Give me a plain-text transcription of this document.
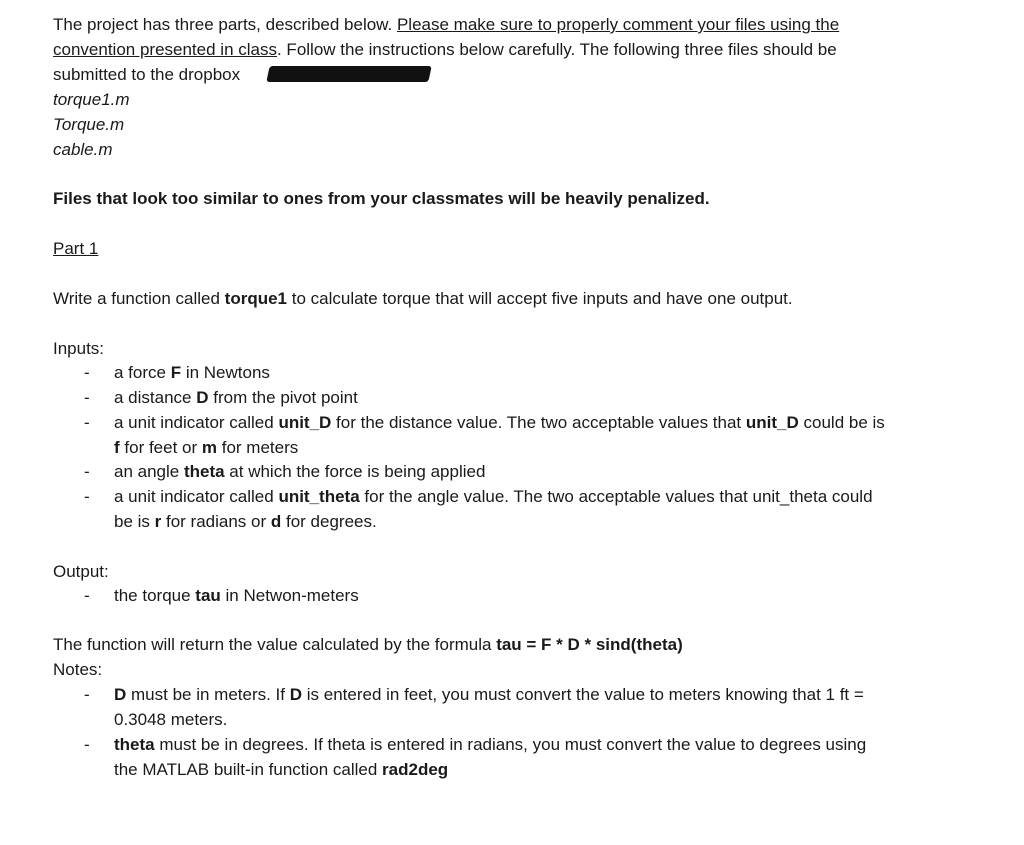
The project has three parts, described below. Please make sure to properly comment your files using the
convention presented in class. Follow the instructions below carefully. The following three files should be
submitted to the dropbox
torque1.m
Torque.m
cable.m
Files that look too similar to ones from your classmates will be heavily penalized.
Part 1
Write a function called torque1 to calculate torque that will accept five inputs and have one output.
Inputs:
- a force F in Newtons
- a distance D from the pivot point
- a unit indicator called unit_D for the distance value. The two acceptable values that unit_D could be is
f for feet or m for meters
- an angle theta at which the force is being applied
- a unit indicator called unit_theta for the angle value. The two acceptable values that unit_theta could
be is r for radians or d for degrees.
Output:
- the torque tau in Netwon-meters
The function will return the value calculated by the formula tau = F * D * sind(theta)
Notes:
- D must be in meters. If D is entered in feet, you must convert the value to meters knowing that 1 ft =
0.3048 meters.
- theta must be in degrees. If theta is entered in radians, you must convert the value to degrees using
the MATLAB built-in function called rad2deg
